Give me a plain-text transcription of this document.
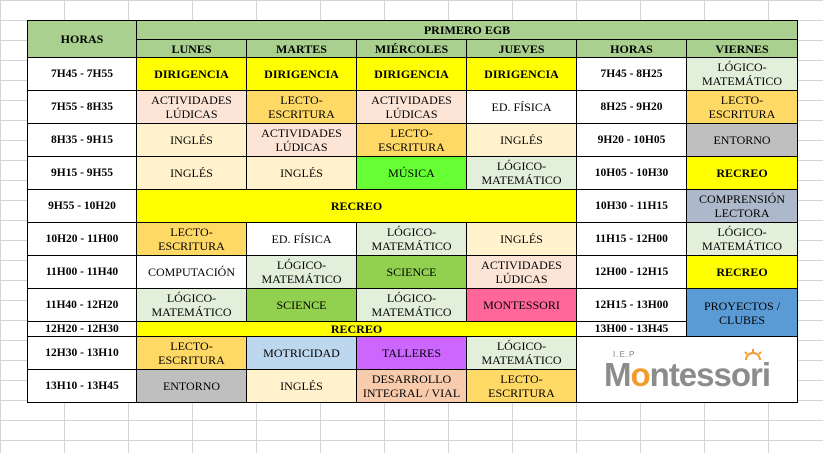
HORAS	PRIMERO EGB					
	LUNES	MARTES	MIÉRCOLES	JUEVES	HORAS	VIERNES
7H45 - 7H55	DIRIGENCIA	DIRIGENCIA	DIRIGENCIA	DIRIGENCIA	7H45 - 8H25	LÓGICO-MATEMÁTICO
7H55 - 8H35	ACTIVIDADES LÚDICAS	LECTO-ESCRITURA	ACTIVIDADES LÚDICAS	ED. FÍSICA	8H25 - 9H20	LECTO-ESCRITURA
8H35 - 9H15	INGLÉS	ACTIVIDADES LÚDICAS	LECTO-ESCRITURA	INGLÉS	9H20 - 10H05	ENTORNO
9H15 - 9H55	INGLÉS	INGLÉS	MÚSICA	LÓGICO-MATEMÁTICO	10H05 - 10H30	RECREO
9H55 - 10H20	RECREO				10H30 - 11H15	COMPRENSIÓN LECTORA
10H20 - 11H00	LECTO-ESCRITURA	ED. FÍSICA	LÓGICO-MATEMÁTICO	INGLÉS	11H15 - 12H00	LÓGICO-MATEMÁTICO
11H00 - 11H40	COMPUTACIÓN	LÓGICO-MATEMÁTICO	SCIENCE	ACTIVIDADES LÚDICAS	12H00 - 12H15	RECREO
11H40 - 12H20	LÓGICO-MATEMÁTICO	SCIENCE	LÓGICO-MATEMÁTICO	MONTESSORI	12H15 - 13H00	PROYECTOS / CLUBES
12H20 - 12H30	RECREO				13H00 - 13H45	
12H30 - 13H10	LECTO-ESCRITURA	MOTRICIDAD	TALLERES	LÓGICO-MATEMÁTICO	I.E.P
Montessori	

13H10 - 13H45	ENTORNO	INGLÉS	DESARROLLO INTEGRAL / VIAL	LECTO-ESCRITURA		
